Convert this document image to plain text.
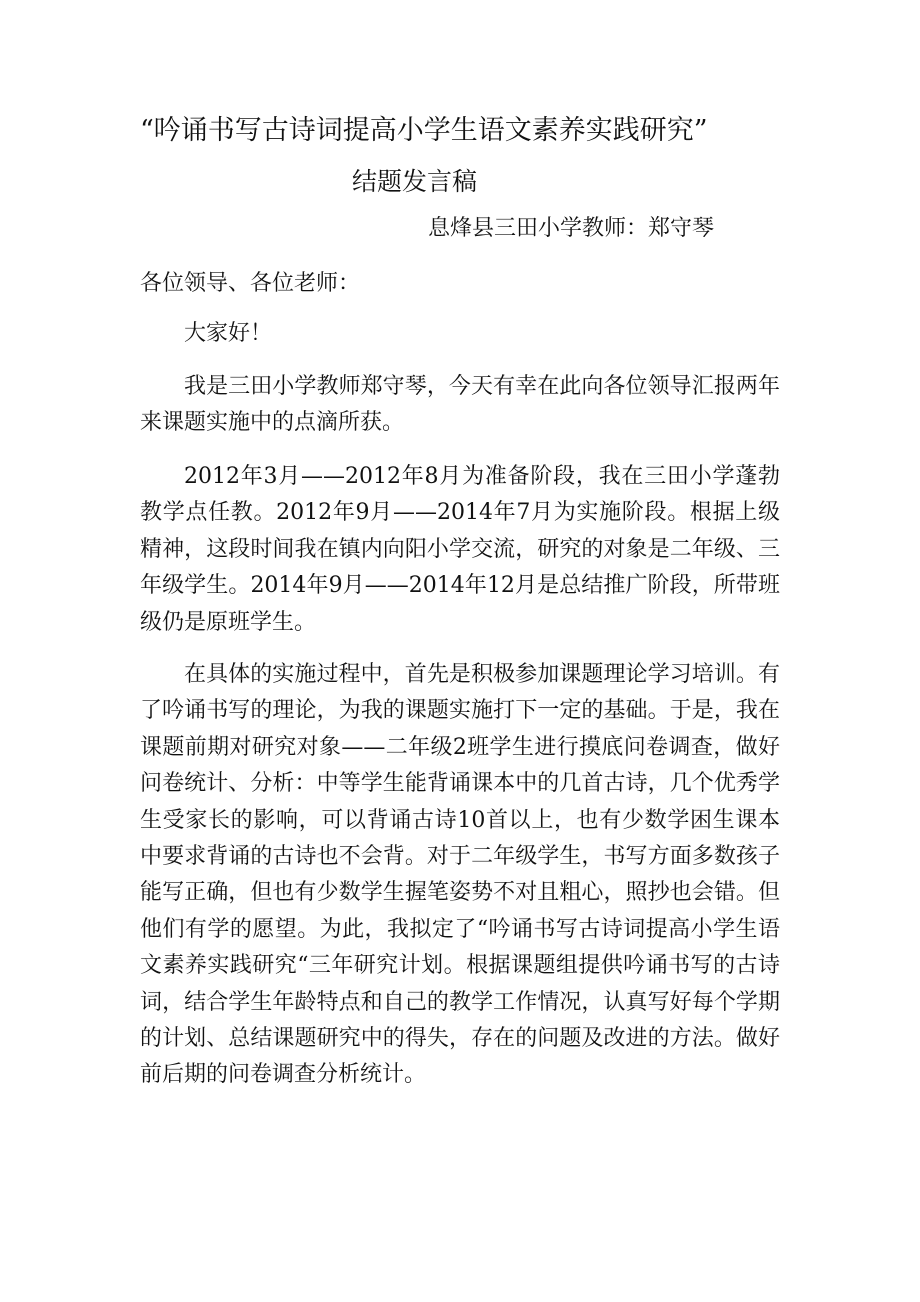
“吟诵书写古诗词提高小学生语文素养实践研究”
结题发言稿

息烽县三田小学教师：郑守琴

各位领导、各位老师：

大家好！

我是三田小学教师郑守琴，今天有幸在此向各位领导汇报两年来课题实施中的点滴所获。

2012年3月——2012年8月为准备阶段，我在三田小学蓬勃教学点任教。2012年9月——2014年7月为实施阶段。根据上级精神，这段时间我在镇内向阳小学交流，研究的对象是二年级、三年级学生。2014年9月——2014年12月是总结推广阶段，所带班级仍是原班学生。

在具体的实施过程中，首先是积极参加课题理论学习培训。有了吟诵书写的理论，为我的课题实施打下一定的基础。于是，我在课题前期对研究对象——二年级2班学生进行摸底问卷调查，做好问卷统计、分析：中等学生能背诵课本中的几首古诗，几个优秀学生受家长的影响，可以背诵古诗10首以上，也有少数学困生课本中要求背诵的古诗也不会背。对于二年级学生，书写方面多数孩子能写正确，但也有少数学生握笔姿势不对且粗心，照抄也会错。但他们有学的愿望。为此，我拟定了“吟诵书写古诗词提高小学生语文素养实践研究“三年研究计划。根据课题组提供吟诵书写的古诗词，结合学生年龄特点和自己的教学工作情况，认真写好每个学期的计划、总结课题研究中的得失，存在的问题及改进的方法。做好前后期的问卷调查分析统计。
